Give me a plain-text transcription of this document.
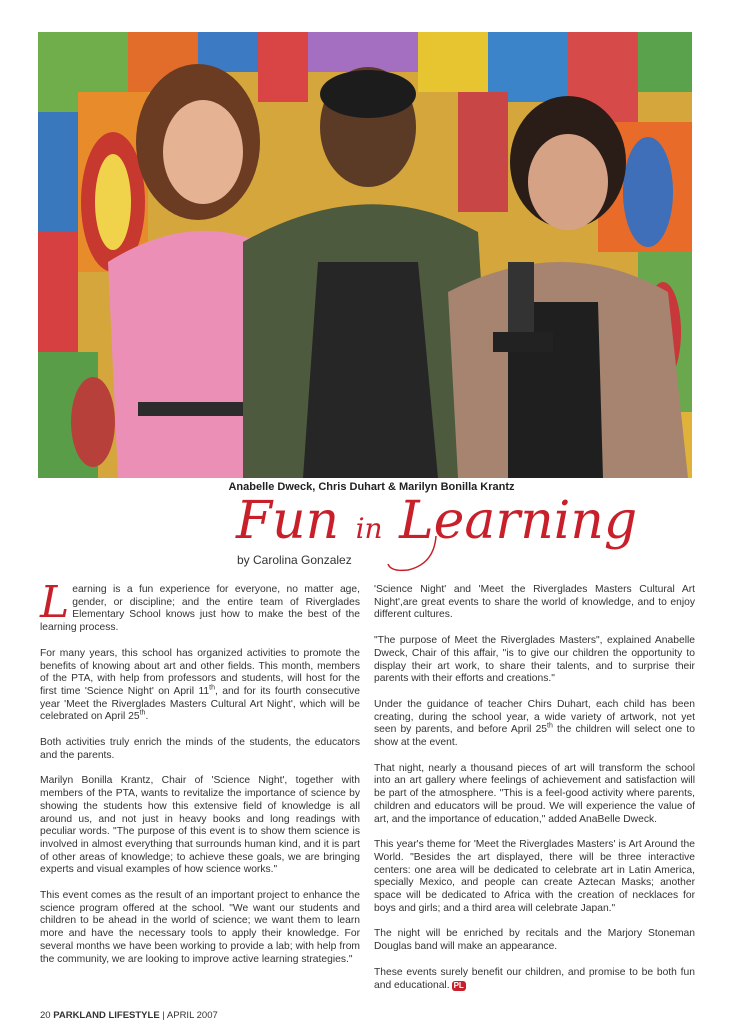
Anabelle Dweck, Chris Duhart & Marilyn Bonilla Krantz
Fun in Learning
by Carolina Gonzalez

Learning is a fun experience for everyone, no matter age, gender, or discipline; and the entire team of Riverglades Elementary School knows just how to make the best of the learning process.

For many years, this school has organized activities to promote the benefits of knowing about art and other fields. This month, members of the PTA, with help from professors and students, will host for the first time 'Science Night' on April 11th, and for its fourth consecutive year 'Meet the Riverglades Masters Cultural Art Night', which will be celebrated on April 25th.

Both activities truly enrich the minds of the students, the educators and the parents.

Marilyn Bonilla Krantz, Chair of 'Science Night', together with members of the PTA, wants to revitalize the importance of science by showing the students how this extensive field of knowledge is all around us, and not just in heavy books and long readings with peculiar words. "The purpose of this event is to show them science is involved in almost everything that surrounds human kind, and it is part of other areas of knowledge; to achieve these goals, we are bringing experts and visual examples of how science works."

This event comes as the result of an important project to enhance the science program offered at the school. "We want our students and children to be ahead in the world of science; we want them to learn more and have the necessary tools to apply their knowledge. For several months we have been working to provide a lab; with help from the community, we are looking to improve active learning strategies."

'Science Night' and 'Meet the Riverglades Masters Cultural Art Night',are great events to share the world of knowledge, and to enjoy different cultures.

"The purpose of Meet the Riverglades Masters", explained Anabelle Dweck, Chair of this affair, "is to give our children the opportunity to display their art work, to share their talents, and to surprise their parents with their efforts and creations."

Under the guidance of teacher Chirs Duhart, each child has been creating, during the school year, a wide variety of artwork, not yet seen by parents, and before April 25th the children will select one to show at the event.

That night, nearly a thousand pieces of art will transform the school into an art gallery where feelings of achievement and satisfaction will be part of the atmosphere. "This is a feel-good activity where parents, children and educators will be proud. We will experience the value of art, and the importance of education," added AnaBelle Dweck.

This year's theme for 'Meet the Riverglades Masters' is Art Around the World. "Besides the art displayed, there will be three interactive centers: one area will be dedicated to celebrate art in Latin America, specially Mexico, and people can create Aztecan Masks; another space will be dedicated to Africa with the creation of necklaces for boys and girls; and a third area will celebrate Japan."

The night will be enriched by recitals and the Marjory Stoneman Douglas band will make an appearance.

These events surely benefit our children, and promise to be both fun and educational. PL

20 PARKLAND LIFESTYLE | APRIL 2007
